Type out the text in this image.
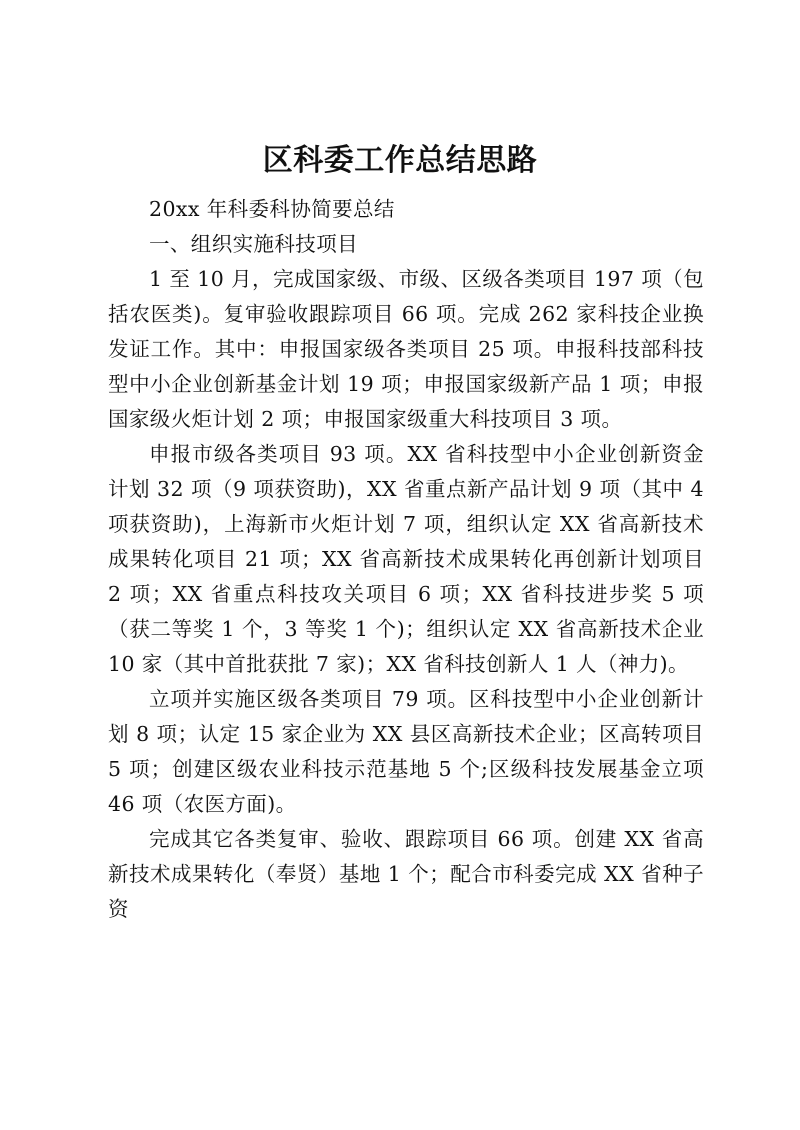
区科委工作总结思路

20xx 年科委科协简要总结

一、组织实施科技项目

1 至 10 月，完成国家级、市级、区级各类项目 197 项（包括农医类)。复审验收跟踪项目 66 项。完成 262 家科技企业换发证工作。其中：申报国家级各类项目 25 项。申报科技部科技型中小企业创新基金计划 19 项；申报国家级新产品 1 项；申报国家级火炬计划 2 项；申报国家级重大科技项目 3 项。

申报市级各类项目 93 项。XX 省科技型中小企业创新资金计划 32 项（9 项获资助)，XX 省重点新产品计划 9 项（其中 4 项获资助)，上海新市火炬计划 7 项，组织认定 XX 省高新技术成果转化项目 21 项；XX 省高新技术成果转化再创新计划项目 2 项；XX 省重点科技攻关项目 6 项；XX 省科技进步奖 5 项（获二等奖 1 个，3 等奖 1 个)；组织认定 XX 省高新技术企业 10 家（其中首批获批 7 家)；XX 省科技创新人 1 人（神力)。

立项并实施区级各类项目 79 项。区科技型中小企业创新计划 8 项；认定 15 家企业为 XX 县区高新技术企业；区高转项目 5 项；创建区级农业科技示范基地 5 个;区级科技发展基金立项 46 项（农医方面)。

完成其它各类复审、验收、跟踪项目 66 项。创建 XX 省高新技术成果转化（奉贤）基地 1 个；配合市科委完成 XX 省种子资
